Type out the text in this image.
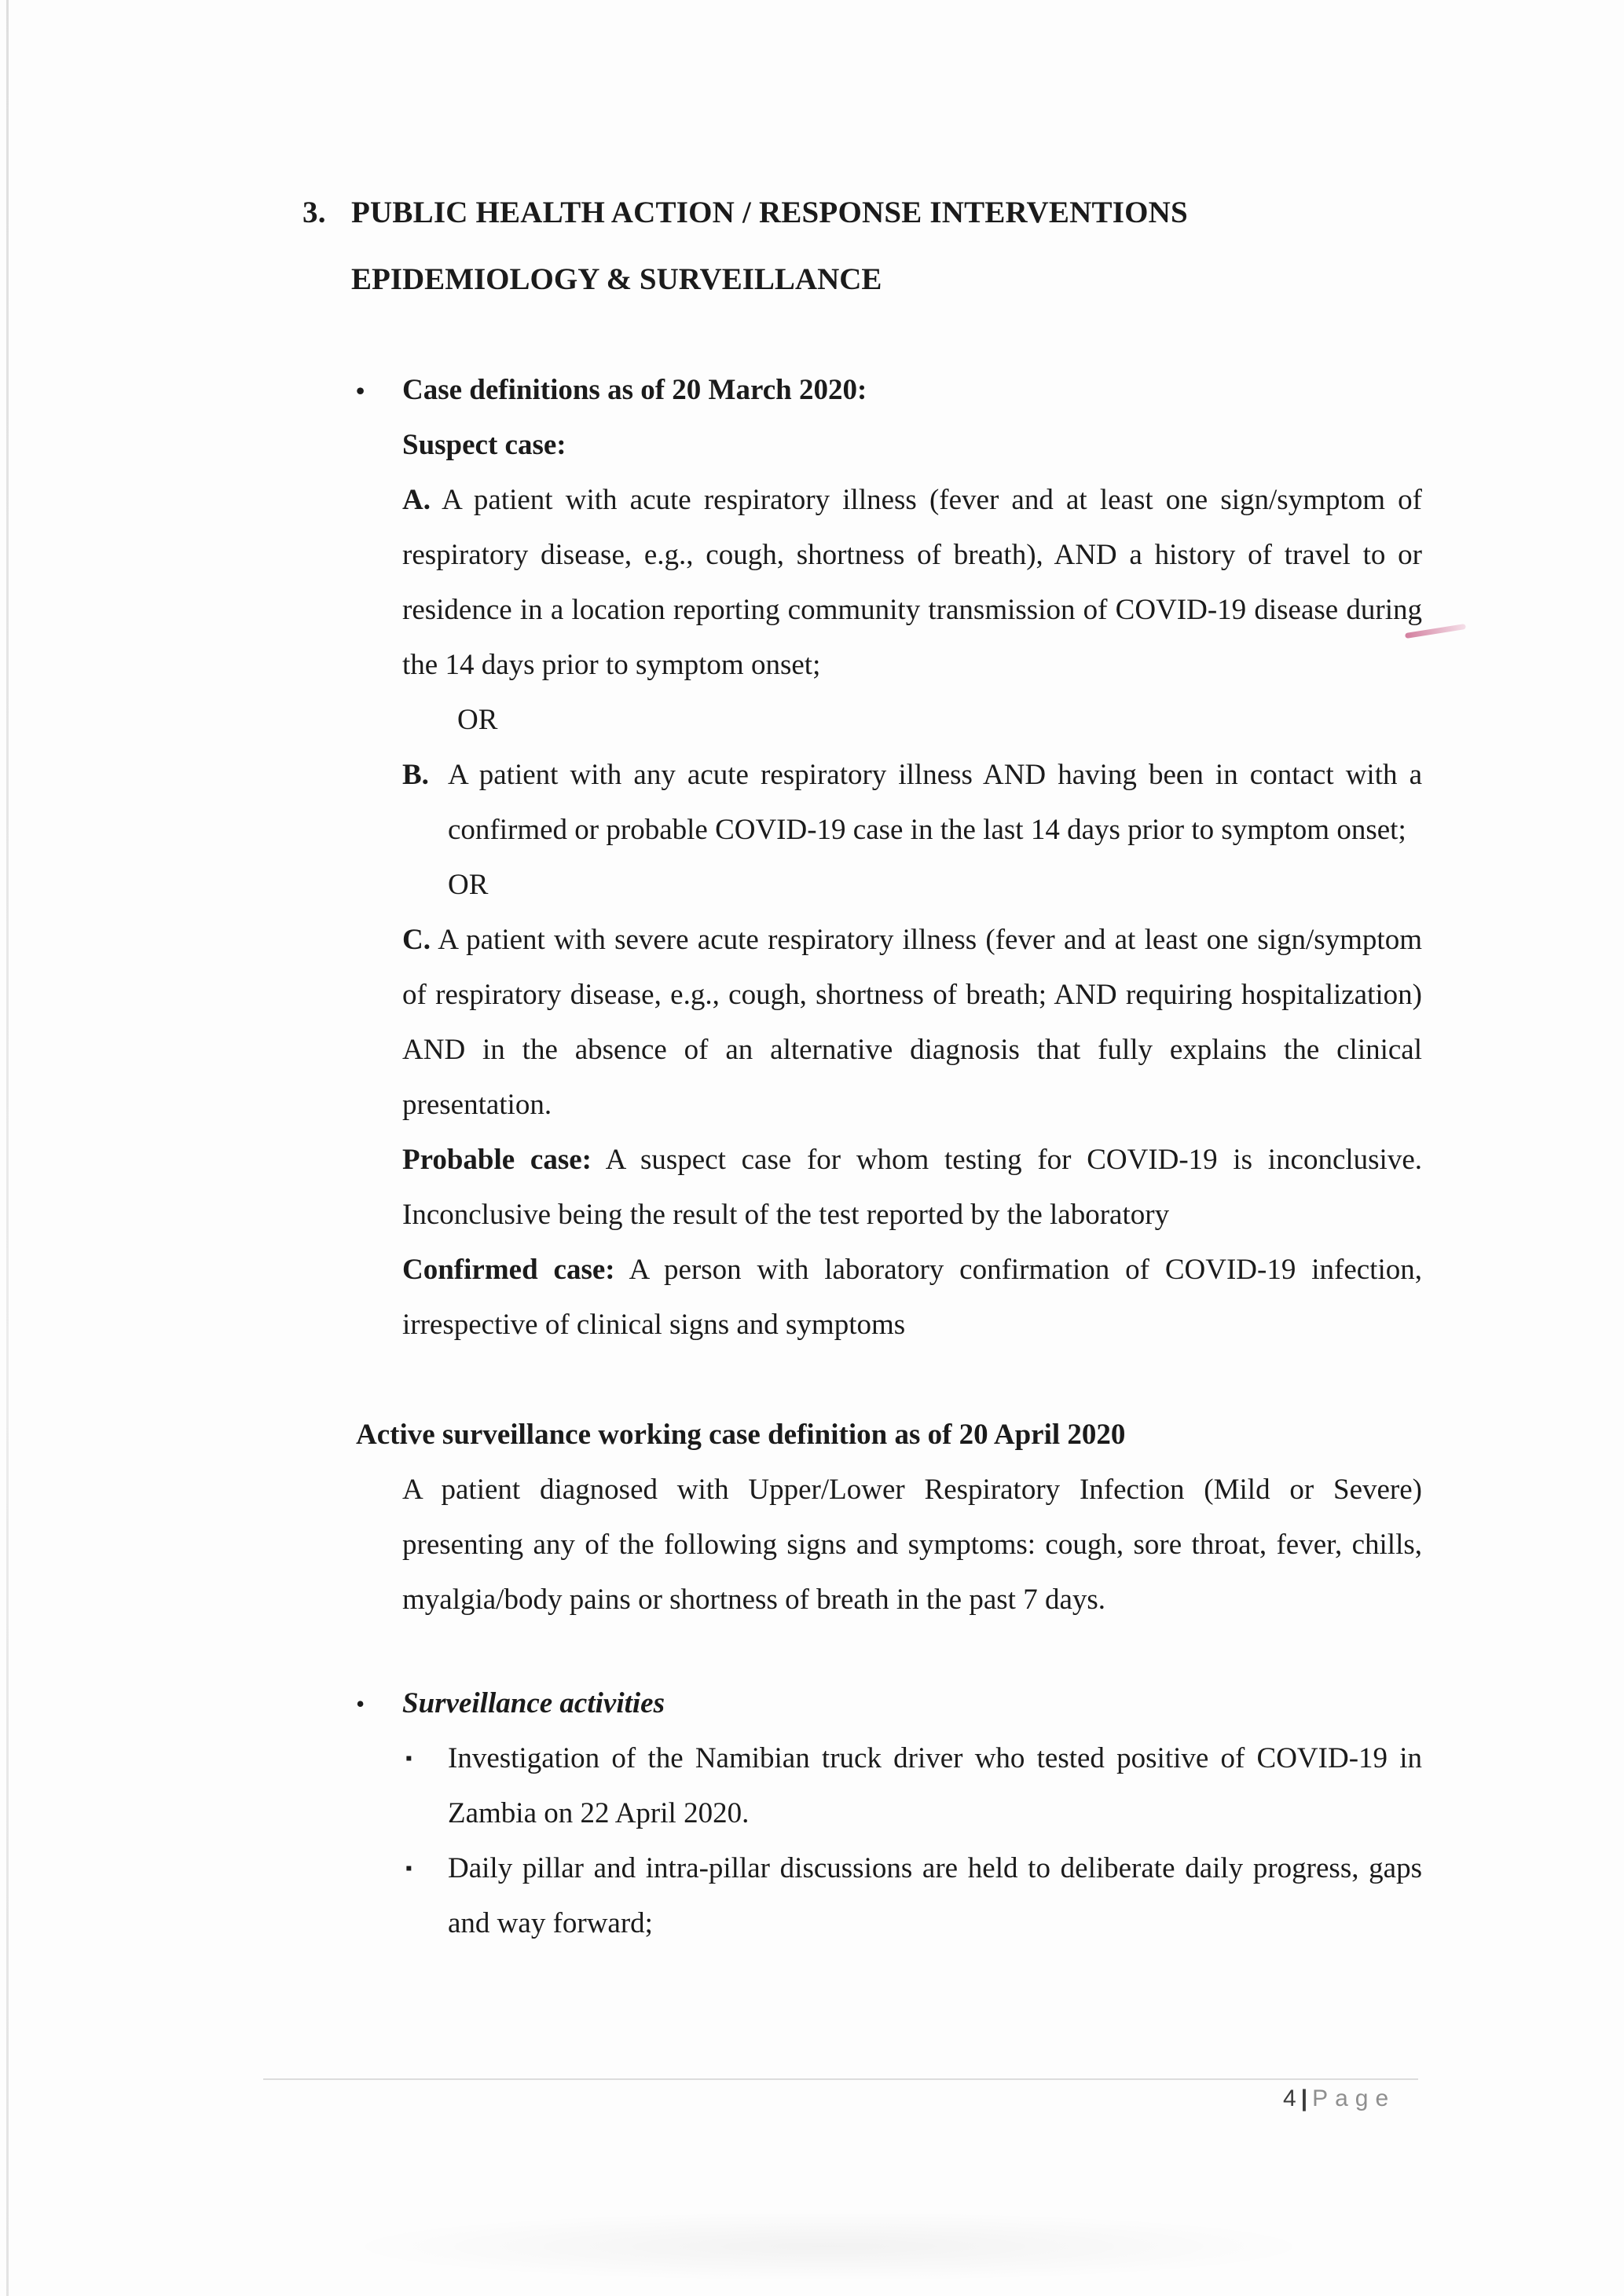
3. PUBLIC HEALTH ACTION / RESPONSE INTERVENTIONS
EPIDEMIOLOGY & SURVEILLANCE
•	Case definitions as of 20 March 2020:
Suspect case:

A. A patient with acute respiratory illness (fever and at least one sign/symptom of respiratory disease, e.g., cough, shortness of breath), AND a history of travel to or residence in a location reporting community transmission of COVID-19 disease during the 14 days prior to symptom onset;

OR

B. A patient with any acute respiratory illness AND having been in contact with a confirmed or probable COVID-19 case in the last 14 days prior to symptom onset;

OR

C. A patient with severe acute respiratory illness (fever and at least one sign/symptom of respiratory disease, e.g., cough, shortness of breath; AND requiring hospitalization) AND in the absence of an alternative diagnosis that fully explains the clinical presentation.

Probable case: A suspect case for whom testing for COVID-19 is inconclusive. Inconclusive being the result of the test reported by the laboratory

Confirmed case: A person with laboratory confirmation of COVID-19 infection, irrespective of clinical signs and symptoms

Active surveillance working case definition as of 20 April 2020

A patient diagnosed with Upper/Lower Respiratory Infection (Mild or Severe) presenting any of the following signs and symptoms: cough, sore throat, fever, chills, myalgia/body pains or shortness of breath in the past 7 days.

•	Surveillance activities
▪	Investigation of the Namibian truck driver who tested positive of COVID-19 in Zambia on 22 April 2020.

▪	Daily pillar and intra-pillar discussions are held to deliberate daily progress, gaps and way forward;

4| Page
